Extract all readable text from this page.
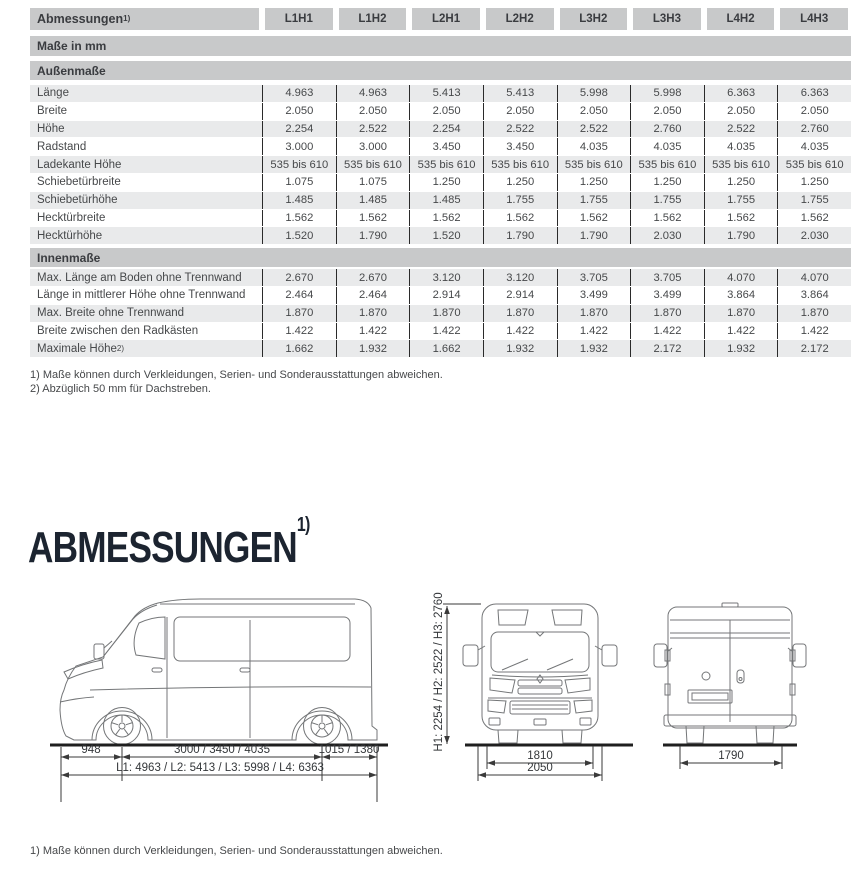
Abmessungen 1)	L1H1	L1H2	L2H1	L2H2	L3H2	L3H3	L4H2	L4H3
Maße in mm
Außenmaße
Länge	4.963	4.963	5.413	5.413	5.998	5.998	6.363	6.363
Breite	2.050	2.050	2.050	2.050	2.050	2.050	2.050	2.050
Höhe	2.254	2.522	2.254	2.522	2.522	2.760	2.522	2.760
Radstand	3.000	3.000	3.450	3.450	4.035	4.035	4.035	4.035
Ladekante Höhe	535 bis 610	535 bis 610	535 bis 610	535 bis 610	535 bis 610	535 bis 610	535 bis 610	535 bis 610
Schiebetürbreite	1.075	1.075	1.250	1.250	1.250	1.250	1.250	1.250
Schiebetürhöhe	1.485	1.485	1.485	1.755	1.755	1.755	1.755	1.755
Hecktürbreite	1.562	1.562	1.562	1.562	1.562	1.562	1.562	1.562
Hecktürhöhe	1.520	1.790	1.520	1.790	1.790	2.030	1.790	2.030
Innenmaße
Max. Länge am Boden ohne Trennwand	2.670	2.670	3.120	3.120	3.705	3.705	4.070	4.070
Länge in mittlerer Höhe ohne Trennwand	2.464	2.464	2.914	2.914	3.499	3.499	3.864	3.864
Max. Breite ohne Trennwand	1.870	1.870	1.870	1.870	1.870	1.870	1.870	1.870
Breite zwischen den Radkästen	1.422	1.422	1.422	1.422	1.422	1.422	1.422	1.422
Maximale Höhe 2)	1.662	1.932	1.662	1.932	1.932	2.172	1.932	2.172
1) Maße können durch Verkleidungen, Serien- und Sonderausstattungen abweichen.
2) Abzüglich 50 mm für Dachstreben.
ABMESSUNGEN$^{1)}$
948	3000 / 3450 / 4035	1015 / 1380
L1: 4963 / L2: 5413 / L3: 5998 / L4: 6363
H1: 2254 / H2: 2522 / H3: 2760
1810
2050
1790
1) Maße können durch Verkleidungen, Serien- und Sonderausstattungen abweichen.
